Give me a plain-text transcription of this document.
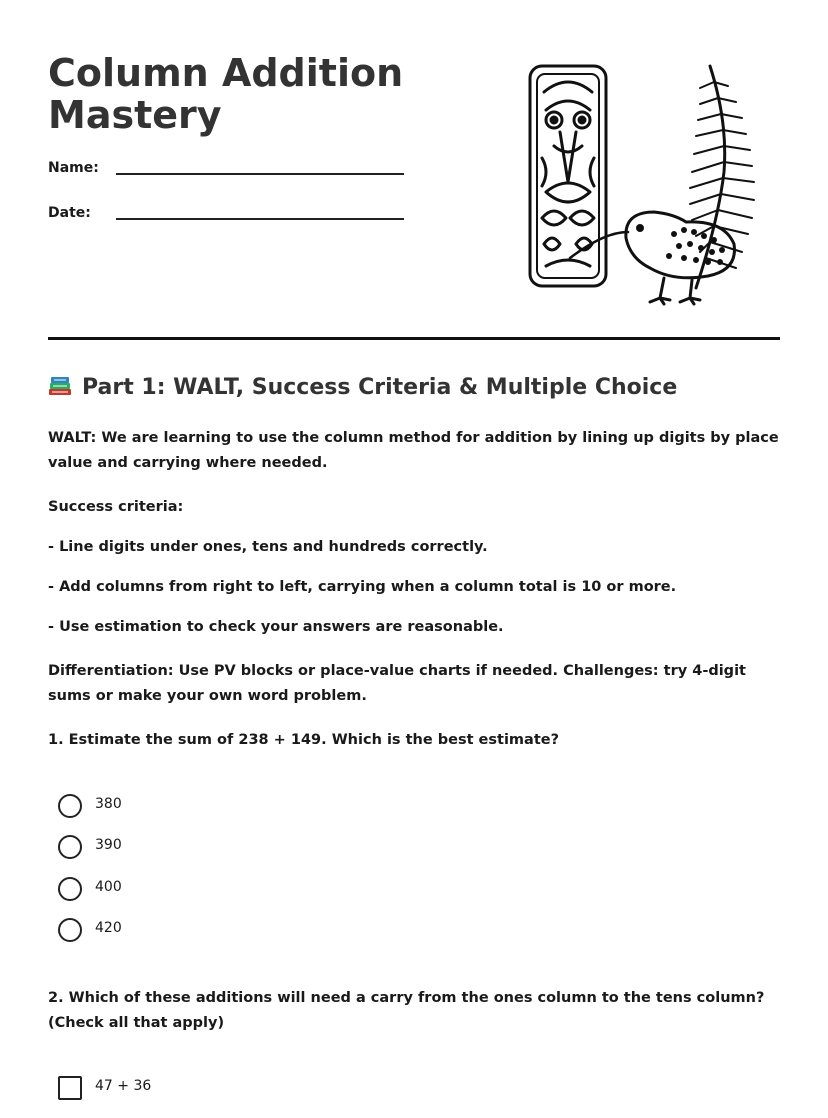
Column Addition Mastery
Name:
Date:
Part 1: WALT, Success Criteria & Multiple Choice

WALT: We are learning to use the column method for addition by lining up digits by place value and carrying where needed.

Success criteria:

- Line digits under ones, tens and hundreds correctly.

- Add columns from right to left, carrying when a column total is 10 or more.

- Use estimation to check your answers are reasonable.

Differentiation: Use PV blocks or place-value charts if needed. Challenges: try 4-digit sums or make your own word problem.

1. Estimate the sum of 238 + 149. Which is the best estimate?

380
390
400
420

2. Which of these additions will need a carry from the ones column to the tens column? (Check all that apply)

47 + 36
